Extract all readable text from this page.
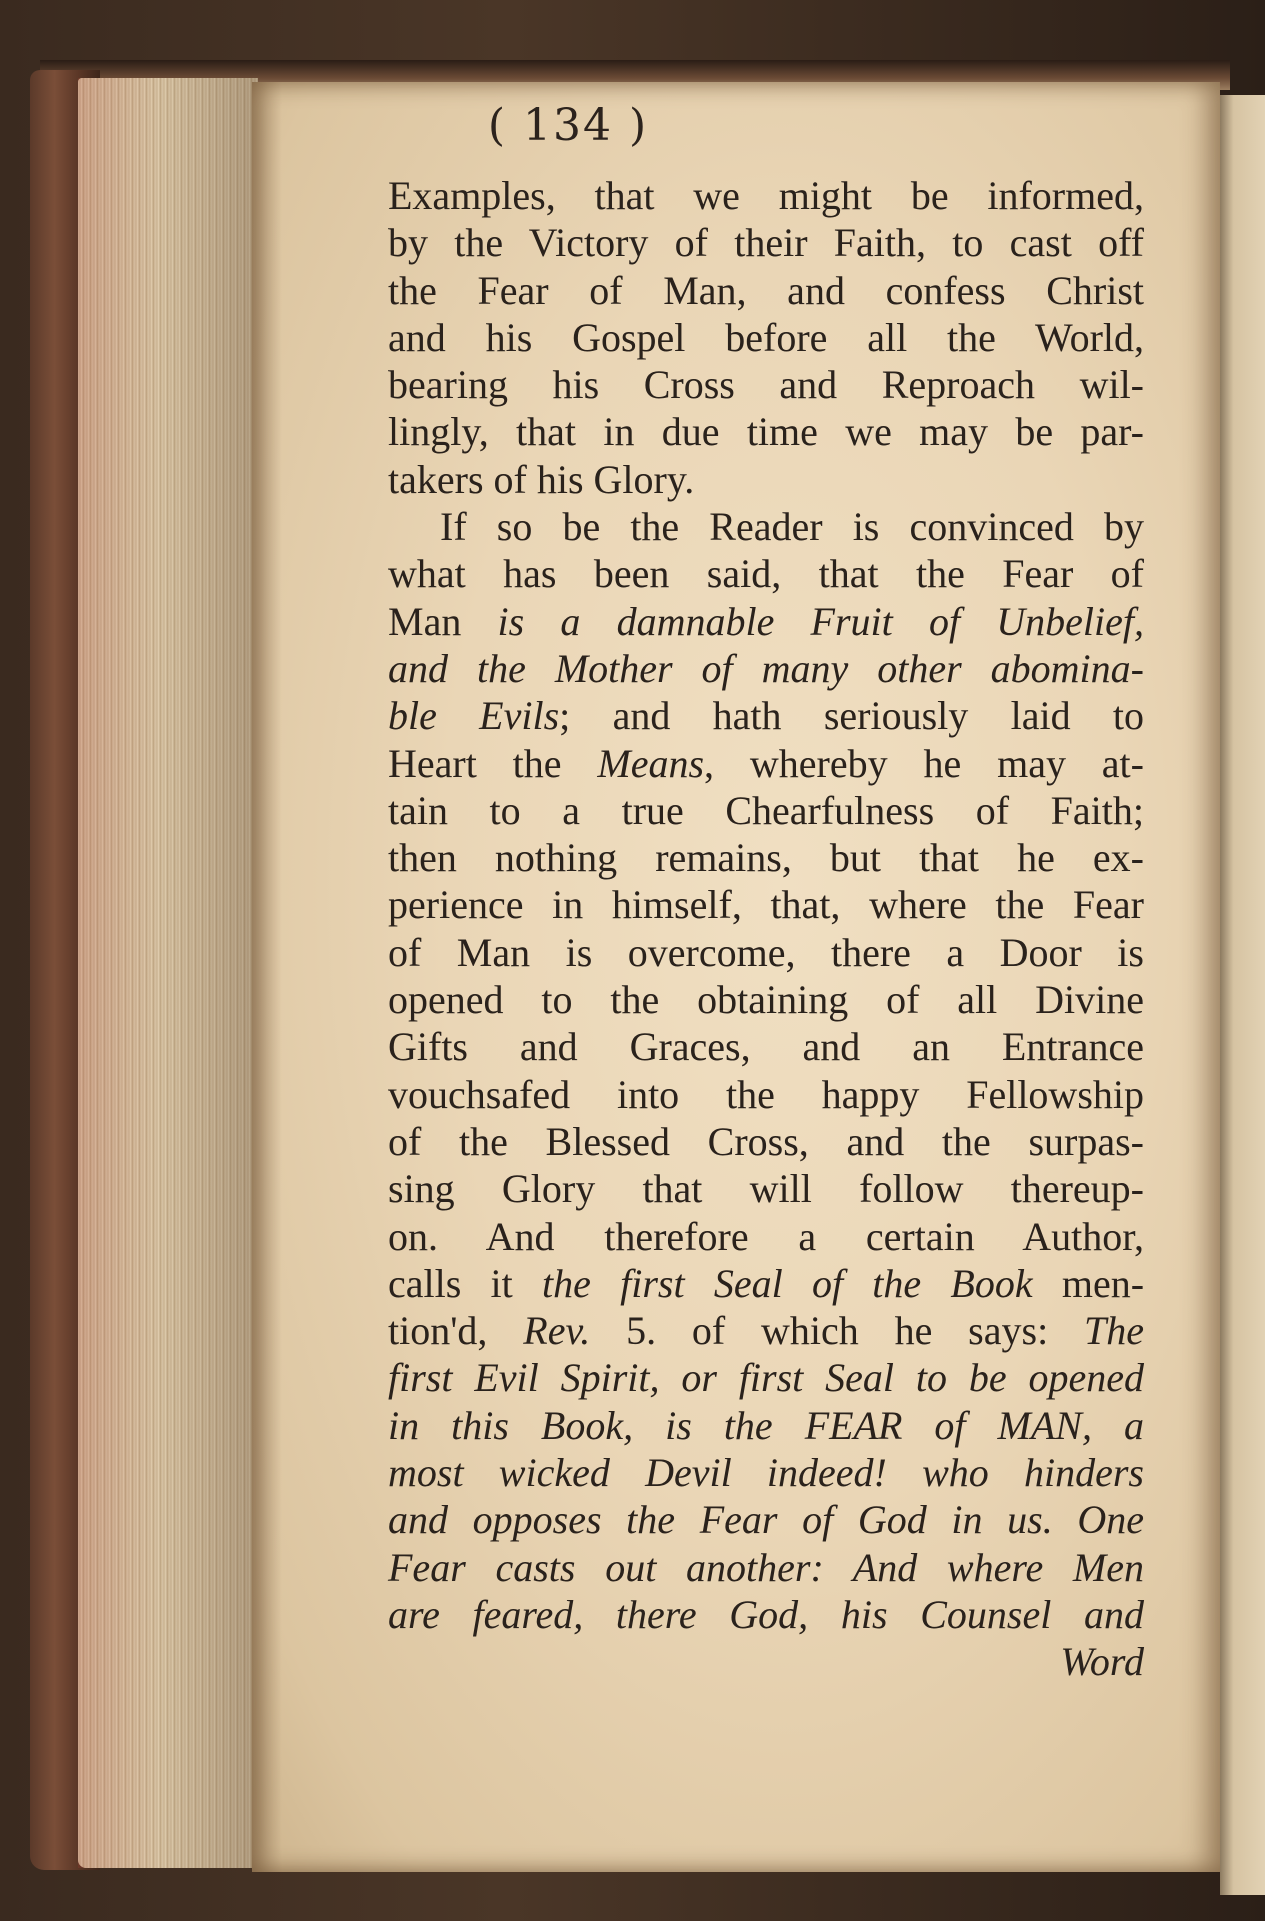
( 134 )
Examples, that we might be informed,
by the Victory of their Faith, to cast off
the Fear of Man, and confess Christ
and his Gospel before all the World,
bearing his Cross and Reproach wil-
lingly, that in due time we may be par-
takers of his Glory.
If so be the Reader is convinced by
what has been said, that the Fear of
Man is a damnable Fruit of Unbelief,
and the Mother of many other abomina-
ble Evils; and hath seriously laid to
Heart the Means, whereby he may at-
tain to a true Chearfulness of Faith;
then nothing remains, but that he ex-
perience in himself, that, where the Fear
of Man is overcome, there a Door is
opened to the obtaining of all Divine
Gifts and Graces, and an Entrance
vouchsafed into the happy Fellowship
of the Blessed Cross, and the surpas-
sing Glory that will follow thereup-
on. And therefore a certain Author,
calls it the first Seal of the Book men-
tion'd, Rev. 5. of which he says: The
first Evil Spirit, or first Seal to be opened
in this Book, is the FEAR of MAN, a
most wicked Devil indeed! who hinders
and opposes the Fear of God in us. One
Fear casts out another: And where Men
are feared, there God, his Counsel and
Word
